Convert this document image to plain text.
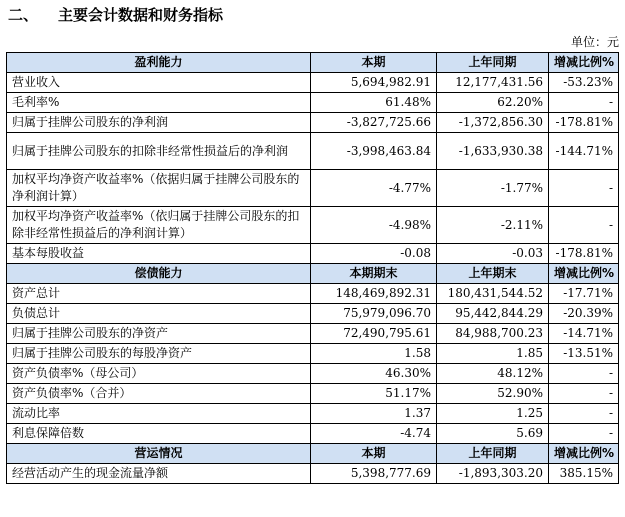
二、 主要会计数据和财务指标
单位：元
盈利能力	本期	上年同期	增减比例%
营业收入	5,694,982.91	12,177,431.56	-53.23%
毛利率%	61.48%	62.20%	-
归属于挂牌公司股东的净利润	-3,827,725.66	-1,372,856.30	-178.81%
归属于挂牌公司股东的扣除非经常性损益后的净利润	-3,998,463.84	-1,633,930.38	-144.71%
加权平均净资产收益率%（依据归属于挂牌公司股东的净利润计算）	-4.77%	-1.77%	-
加权平均净资产收益率%（依归属于挂牌公司股东的扣除非经常性损益后的净利润计算）	-4.98%	-2.11%	-
基本每股收益	-0.08	-0.03	-178.81%
偿债能力	本期期末	上年期末	增减比例%
资产总计	148,469,892.31	180,431,544.52	-17.71%
负债总计	75,979,096.70	95,442,844.29	-20.39%
归属于挂牌公司股东的净资产	72,490,795.61	84,988,700.23	-14.71%
归属于挂牌公司股东的每股净资产	1.58	1.85	-13.51%
资产负债率%（母公司）	46.30%	48.12%	-
资产负债率%（合并）	51.17%	52.90%	-
流动比率	1.37	1.25	-
利息保障倍数	-4.74	5.69	-
营运情况	本期	上年同期	增减比例%
经营活动产生的现金流量净额	5,398,777.69	-1,893,303.20	385.15%
